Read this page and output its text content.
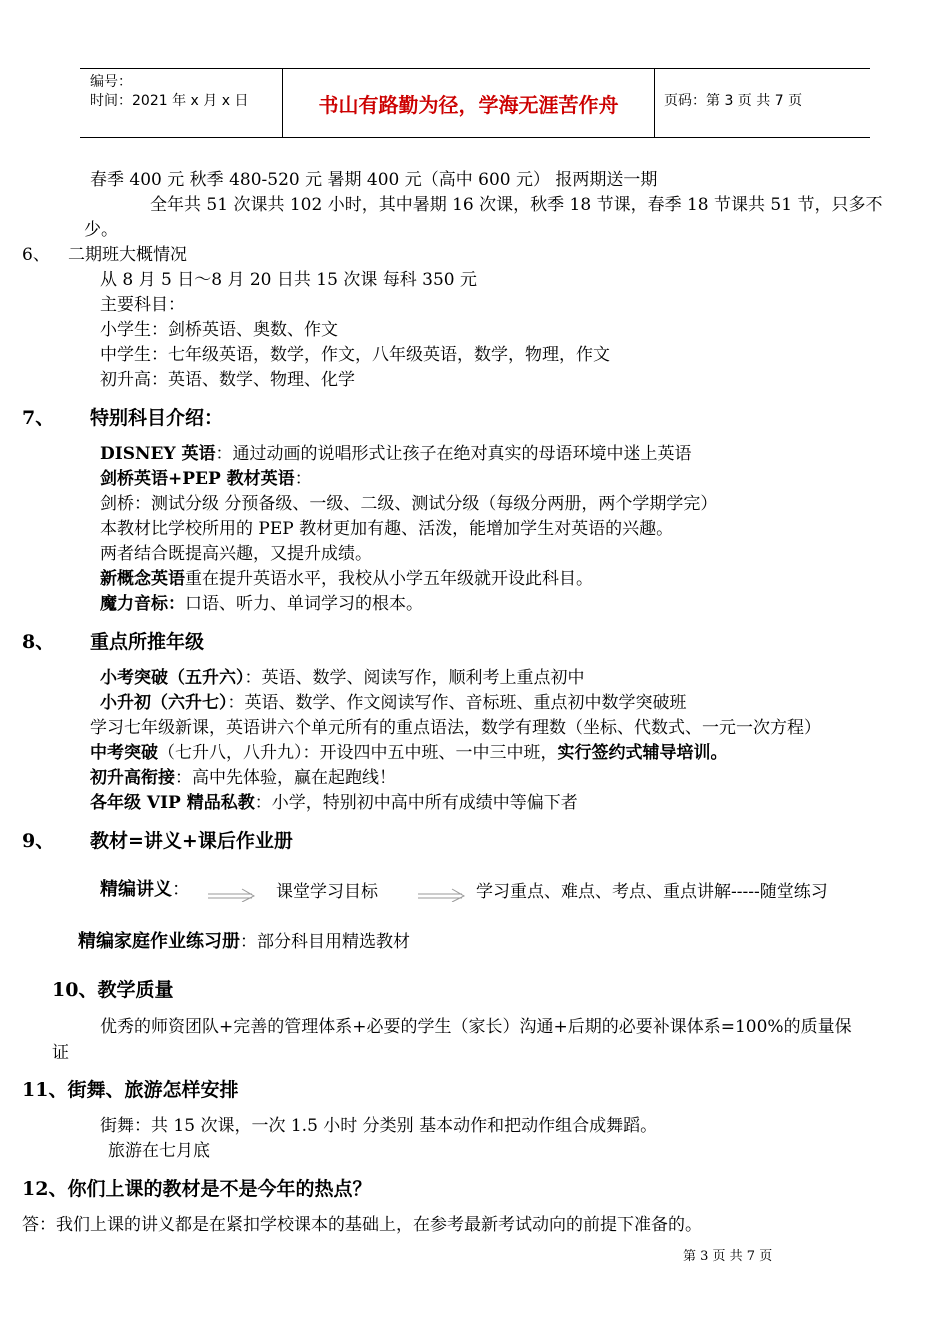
编号：
时间：2021 年 x 月 x 日	书山有路勤为径，学海无涯苦作舟	页码：第 3 页 共 7 页
春季 400 元 秋季 480-520 元 暑期 400 元（高中 600 元） 报两期送一期
全年共 51 次课共 102 小时，其中暑期 16 次课，秋季 18 节课，春季 18 节课共 51 节，只多不
少。
6、 二期班大概情况
从 8 月 5 日～8 月 20 日共 15 次课 每科 350 元
主要科目：
小学生：剑桥英语、奥数、作文
中学生：七年级英语，数学，作文，八年级英语，数学，物理，作文
初升高：英语、数学、物理、化学
7、 特别科目介绍：
DISNEY 英语：通过动画的说唱形式让孩子在绝对真实的母语环境中迷上英语
剑桥英语+PEP 教材英语：
剑桥：测试分级 分预备级、一级、二级、测试分级（每级分两册，两个学期学完）
本教材比学校所用的 PEP 教材更加有趣、活泼，能增加学生对英语的兴趣。
两者结合既提高兴趣，又提升成绩。
新概念英语重在提升英语水平，我校从小学五年级就开设此科目。
魔力音标：口语、听力、单词学习的根本。
8、 重点所推年级
小考突破（五升六）：英语、数学、阅读写作，顺利考上重点初中
小升初（六升七）：英语、数学、作文阅读写作、音标班、重点初中数学突破班
学习七年级新课，英语讲六个单元所有的重点语法，数学有理数（坐标、代数式、一元一次方程）
中考突破（七升八，八升九）：开设四中五中班、一中三中班，实行签约式辅导培训。
初升高衔接：高中先体验，赢在起跑线！
各年级 VIP 精品私教：小学，特别初中高中所有成绩中等偏下者
9、 教材=讲义+课后作业册
精编讲义：	课堂学习目标	学习重点、难点、考点、重点讲解-----随堂练习
精编家庭作业练习册：部分科目用精选教材
10、教学质量
优秀的师资团队+完善的管理体系+必要的学生（家长）沟通+后期的必要补课体系=100%的质量保
证
11、街舞、旅游怎样安排
街舞：共 15 次课，一次 1.5 小时 分类别 基本动作和把动作组合成舞蹈。
旅游在七月底
12、你们上课的教材是不是今年的热点？
答：我们上课的讲义都是在紧扣学校课本的基础上，在参考最新考试动向的前提下准备的。
第 3 页 共 7 页
